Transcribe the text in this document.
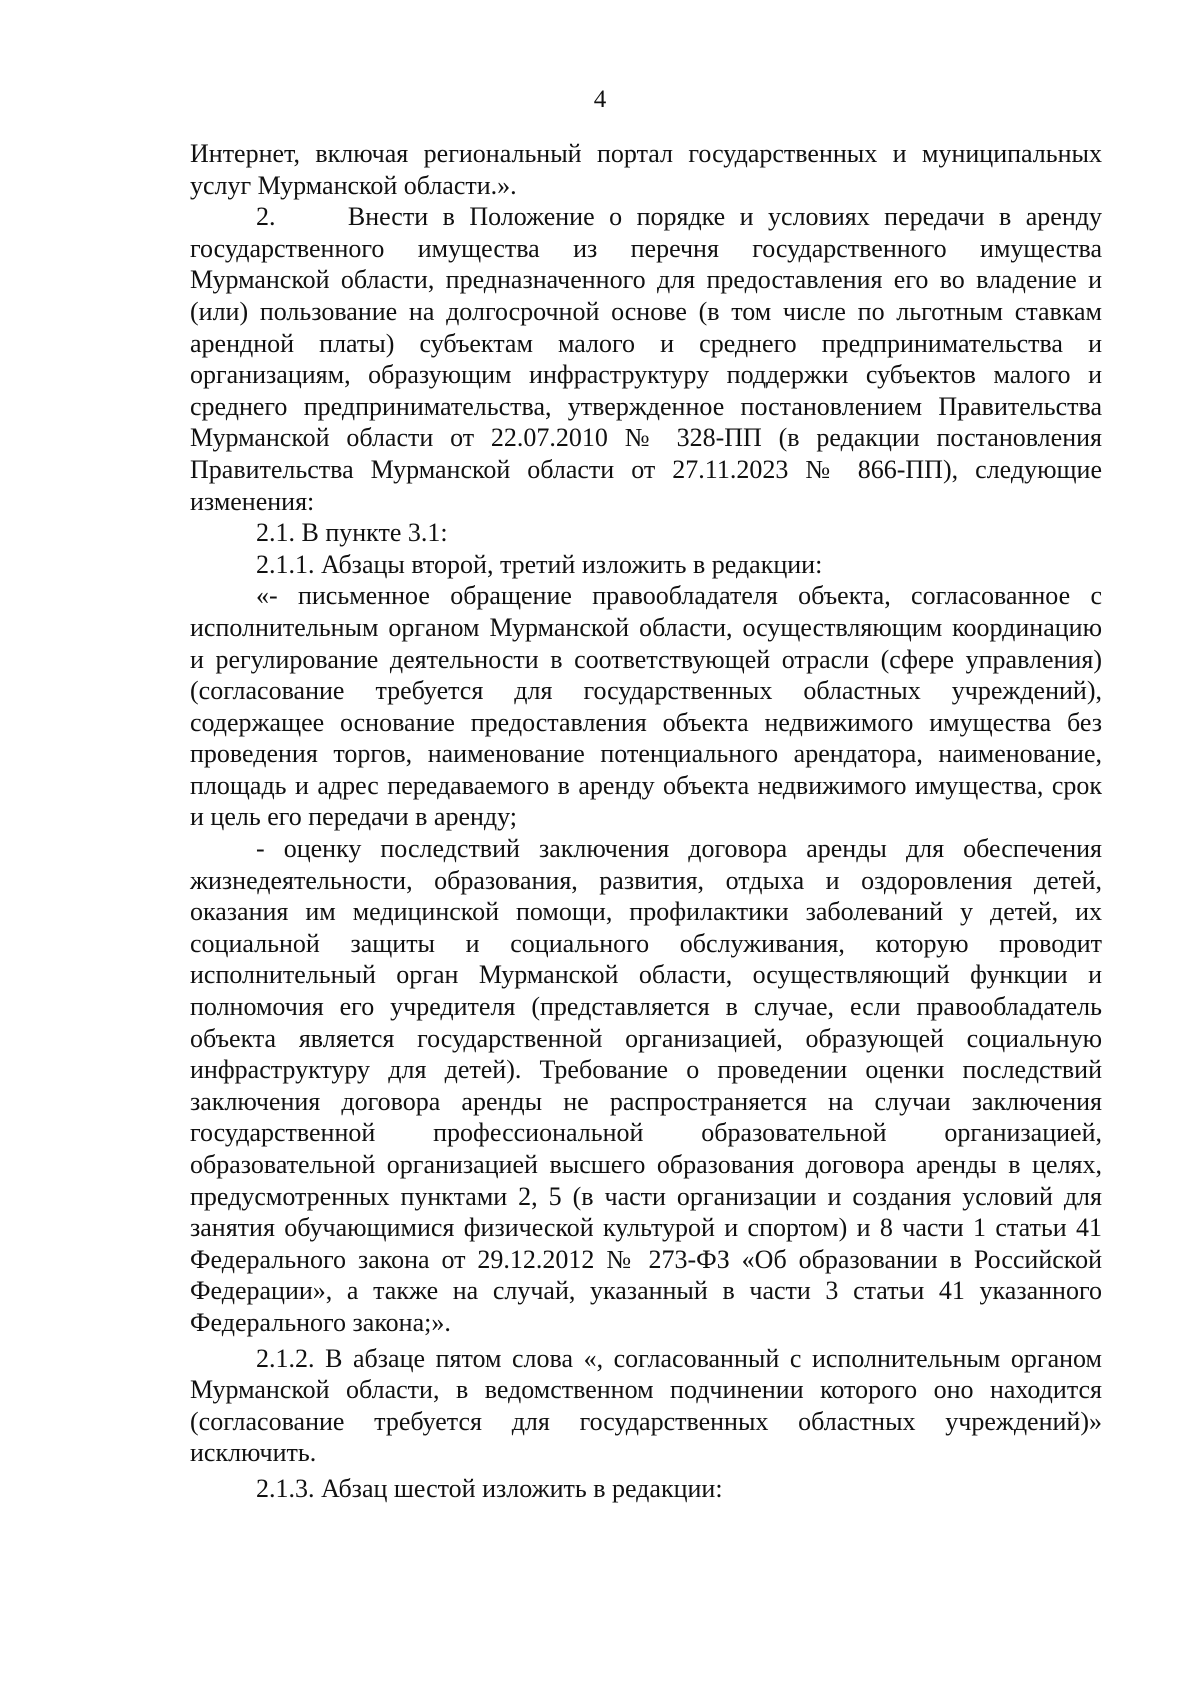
4

Интернет, включая региональный портал государственных и муниципальных услуг Мурманской области.».

2.     Внести в Положение о порядке и условиях передачи в аренду государственного имущества из перечня государственного имущества Мурманской области, предназначенного для предоставления его во владение и (или) пользование на долгосрочной основе (в том числе по льготным ставкам арендной платы) субъектам малого и среднего предпринимательства и организациям, образующим инфраструктуру поддержки субъектов малого и среднего предпринимательства, утвержденное постановлением Правительства Мурманской области от 22.07.2010 № 328-ПП (в редакции постановления Правительства Мурманской области от 27.11.2023 № 866-ПП), следующие изменения:

2.1. В пункте 3.1:

2.1.1. Абзацы второй, третий изложить в редакции:

«- письменное обращение правообладателя объекта, согласованное с исполнительным органом Мурманской области, осуществляющим координацию и регулирование деятельности в соответствующей отрасли (сфере управления) (согласование требуется для государственных областных учреждений), содержащее основание предоставления объекта недвижимого имущества без проведения торгов, наименование потенциального арендатора, наименование, площадь и адрес передаваемого в аренду объекта недвижимого имущества, срок и цель его передачи в аренду;

- оценку последствий заключения договора аренды для обеспечения жизнедеятельности, образования, развития, отдыха и оздоровления детей, оказания им медицинской помощи, профилактики заболеваний у детей, их социальной защиты и социального обслуживания, которую проводит исполнительный орган Мурманской области, осуществляющий функции и полномочия его учредителя (представляется в случае, если правообладатель объекта является государственной организацией, образующей социальную инфраструктуру для детей). Требование о проведении оценки последствий заключения договора аренды не распространяется на случаи заключения государственной профессиональной образовательной организацией, образовательной организацией высшего образования договора аренды в целях, предусмотренных пунктами 2, 5 (в части организации и создания условий для занятия обучающимися физической культурой и спортом) и 8 части 1 статьи 41 Федерального закона от 29.12.2012 № 273-ФЗ «Об образовании в Российской Федерации», а также на случай, указанный в части 3 статьи 41 указанного Федерального закона;».

2.1.2. В абзаце пятом слова «, согласованный с исполнительным органом Мурманской области, в ведомственном подчинении которого оно находится (согласование требуется для государственных областных учреждений)» исключить.

2.1.3. Абзац шестой изложить в редакции:
